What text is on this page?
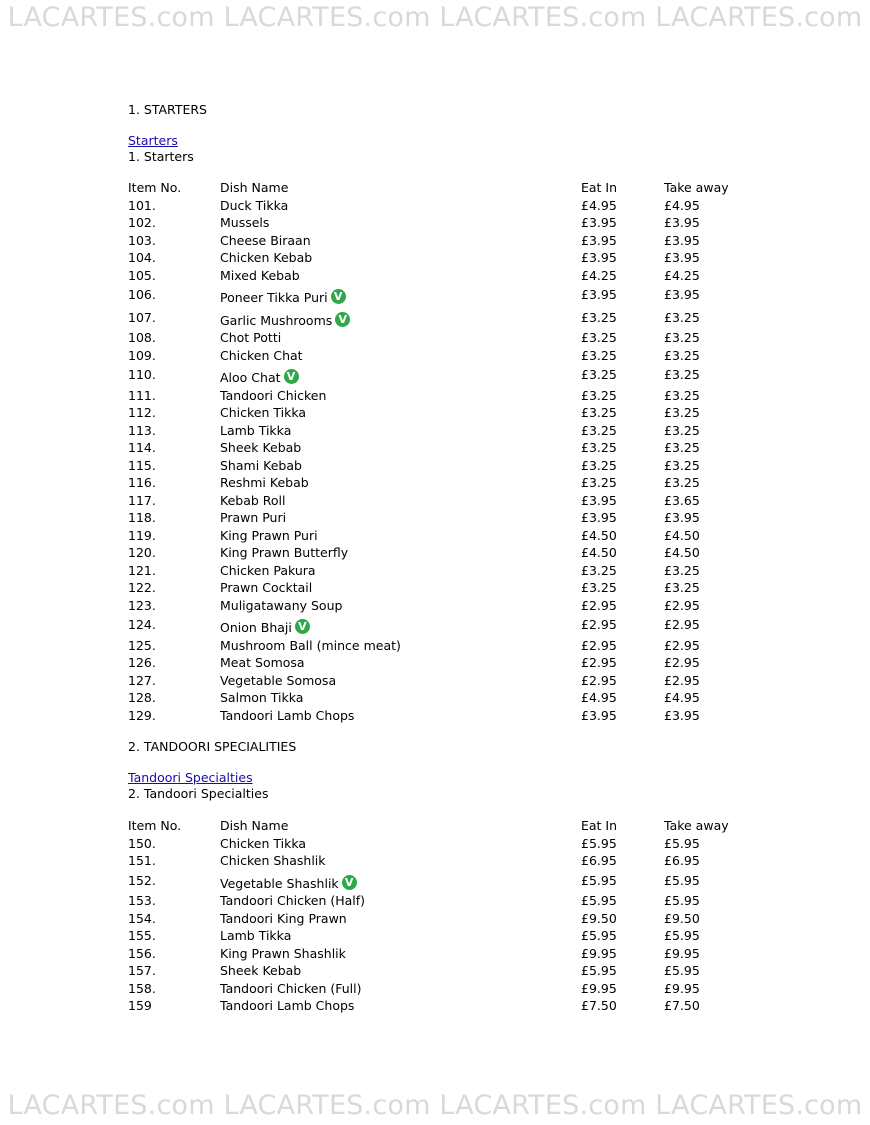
LACARTES.com LACARTES.com LACARTES.com LACARTES.com
LACARTES.com LACARTES.com LACARTES.com LACARTES.com
1. STARTERS
Starters
1. Starters
Item No.	Dish Name	Eat In	Take away
101.	Duck Tikka	£4.95	£4.95
102.	Mussels	£3.95	£3.95
103.	Cheese Biraan	£3.95	£3.95
104.	Chicken Kebab	£3.95	£3.95
105.	Mixed Kebab	£4.25	£4.25
106.	Poneer Tikka Puri V	£3.95	£3.95
107.	Garlic Mushrooms V	£3.25	£3.25
108.	Chot Potti	£3.25	£3.25
109.	Chicken Chat	£3.25	£3.25
110.	Aloo Chat V	£3.25	£3.25
111.	Tandoori Chicken	£3.25	£3.25
112.	Chicken Tikka	£3.25	£3.25
113.	Lamb Tikka	£3.25	£3.25
114.	Sheek Kebab	£3.25	£3.25
115.	Shami Kebab	£3.25	£3.25
116.	Reshmi Kebab	£3.25	£3.25
117.	Kebab Roll	£3.95	£3.65
118.	Prawn Puri	£3.95	£3.95
119.	King Prawn Puri	£4.50	£4.50
120.	King Prawn Butterfly	£4.50	£4.50
121.	Chicken Pakura	£3.25	£3.25
122.	Prawn Cocktail	£3.25	£3.25
123.	Muligatawany Soup	£2.95	£2.95
124.	Onion Bhaji V	£2.95	£2.95
125.	Mushroom Ball (mince meat)	£2.95	£2.95
126.	Meat Somosa	£2.95	£2.95
127.	Vegetable Somosa	£2.95	£2.95
128.	Salmon Tikka	£4.95	£4.95
129.	Tandoori Lamb Chops	£3.95	£3.95
2. TANDOORI SPECIALITIES
Tandoori Specialties
2. Tandoori Specialties
Item No.	Dish Name	Eat In	Take away
150.	Chicken Tikka	£5.95	£5.95
151.	Chicken Shashlik	£6.95	£6.95
152.	Vegetable Shashlik V	£5.95	£5.95
153.	Tandoori Chicken (Half)	£5.95	£5.95
154.	Tandoori King Prawn	£9.50	£9.50
155.	Lamb Tikka	£5.95	£5.95
156.	King Prawn Shashlik	£9.95	£9.95
157.	Sheek Kebab	£5.95	£5.95
158.	Tandoori Chicken (Full)	£9.95	£9.95
159	Tandoori Lamb Chops	£7.50	£7.50
